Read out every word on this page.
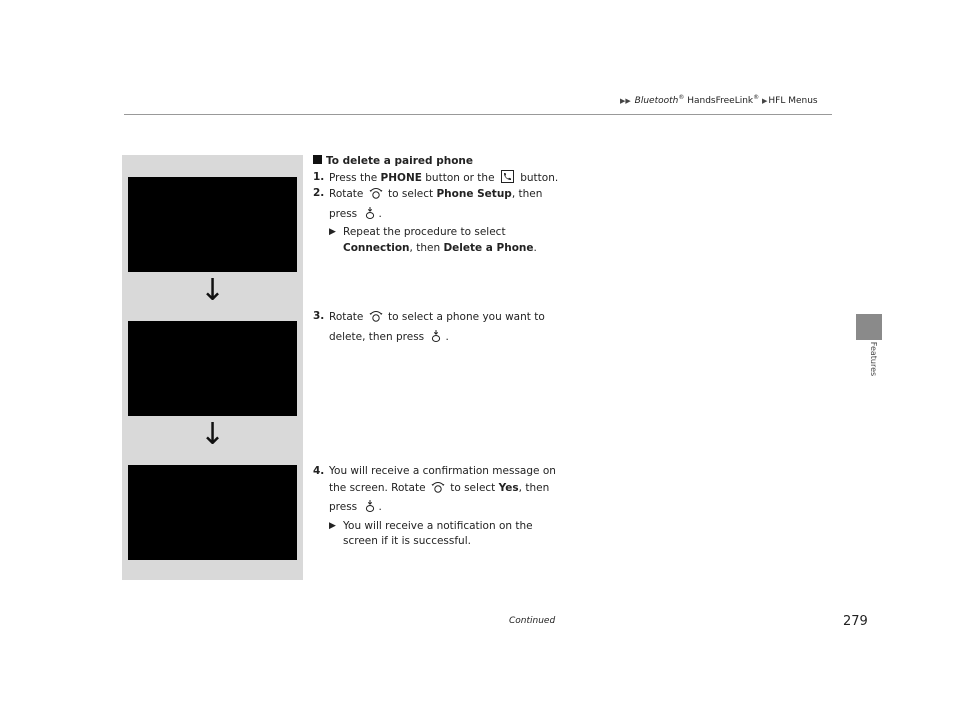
▶▶ Bluetooth® HandsFreeLink® ▶HFL Menus
Features
↓
↓
To delete a paired phone
1. Press the PHONE button or the
button.
2. Rotate  to select Phone Setup, then
press .
▶ Repeat the procedure to select
Connection, then Delete a Phone.
3. Rotate  to select a phone you want to
delete, then press .
4. You will receive a confirmation message on
the screen. Rotate  to select Yes, then
press .
▶ You will receive a notification on the
screen if it is successful.
Continued	279
